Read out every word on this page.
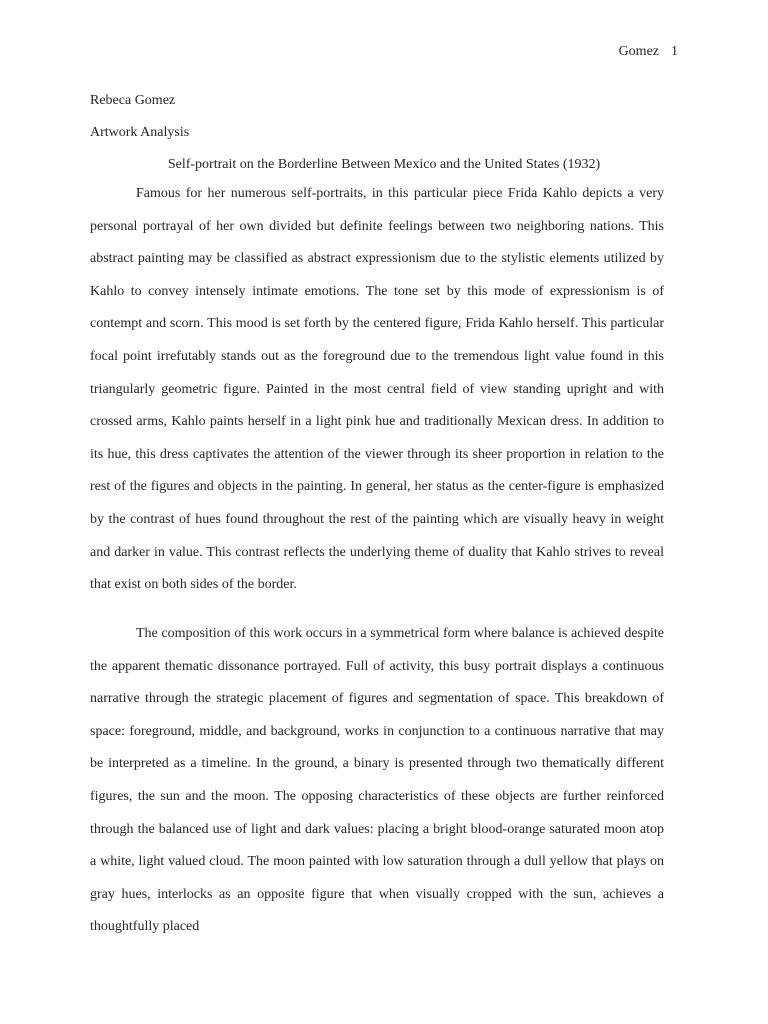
Gomez 1
Rebeca Gomez
Artwork Analysis
Self-portrait on the Borderline Between Mexico and the United States (1932)

Famous for her numerous self-portraits, in this particular piece Frida Kahlo depicts a very personal portrayal of her own divided but definite feelings between two neighboring nations. This abstract painting may be classified as abstract expressionism due to the stylistic elements utilized by Kahlo to convey intensely intimate emotions. The tone set by this mode of expressionism is of contempt and scorn. This mood is set forth by the centered figure, Frida Kahlo herself. This particular focal point irrefutably stands out as the foreground due to the tremendous light value found in this triangularly geometric figure. Painted in the most central field of view standing upright and with crossed arms, Kahlo paints herself in a light pink hue and traditionally Mexican dress. In addition to its hue, this dress captivates the attention of the viewer through its sheer proportion in relation to the rest of the figures and objects in the painting. In general, her status as the center-figure is emphasized by the contrast of hues found throughout the rest of the painting which are visually heavy in weight and darker in value. This contrast reflects the underlying theme of duality that Kahlo strives to reveal that exist on both sides of the border.

The composition of this work occurs in a symmetrical form where balance is achieved despite the apparent thematic dissonance portrayed. Full of activity, this busy portrait displays a continuous narrative through the strategic placement of figures and segmentation of space. This breakdown of space: foreground, middle, and background, works in conjunction to a continuous narrative that may be interpreted as a timeline. In the ground, a binary is presented through two thematically different figures, the sun and the moon. The opposing characteristics of these objects are further reinforced through the balanced use of light and dark values: placing a bright blood-orange saturated moon atop a white, light valued cloud. The moon painted with low saturation through a dull yellow that plays on gray hues, interlocks as an opposite figure that when visually cropped with the sun, achieves a thoughtfully placed
